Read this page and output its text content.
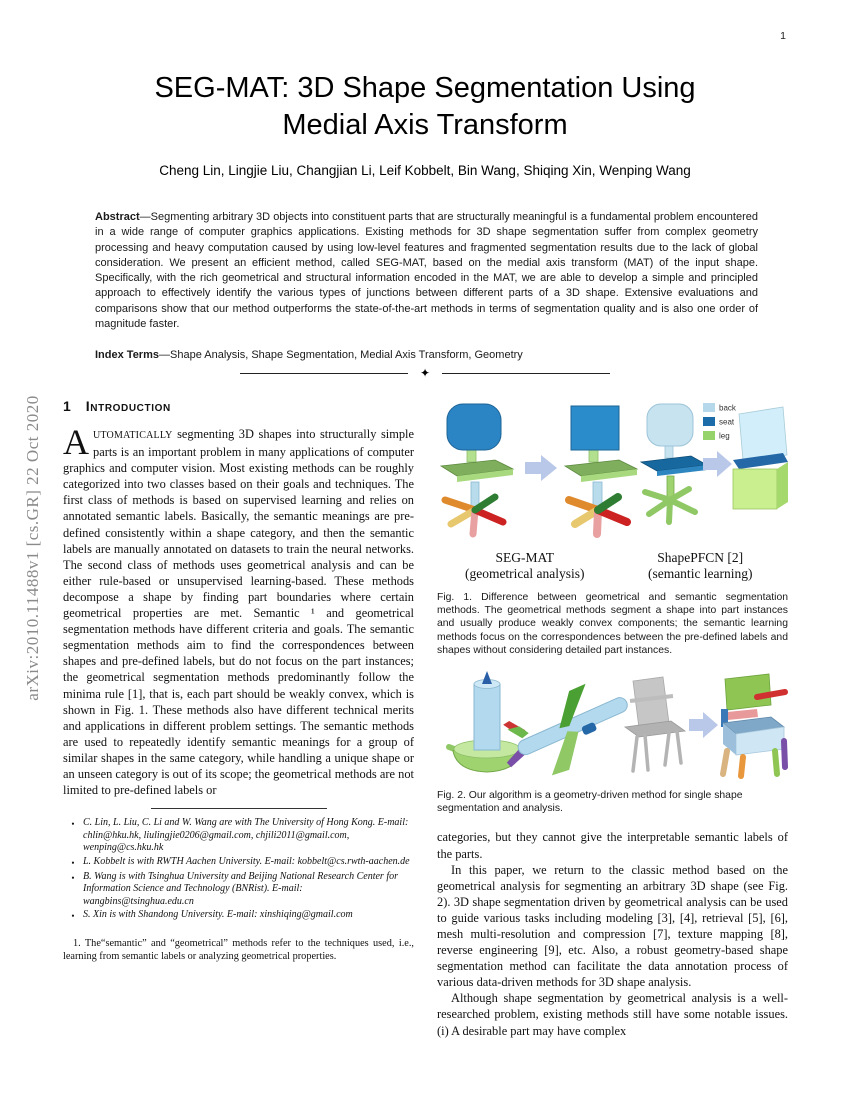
arXiv:2010.11488v1 [cs.GR] 22 Oct 2020
1
SEG-MAT: 3D Shape Segmentation Using
Medial Axis Transform
Cheng Lin, Lingjie Liu, Changjian Li, Leif Kobbelt, Bin Wang, Shiqing Xin, Wenping Wang
Abstract—Segmenting arbitrary 3D objects into constituent parts that are structurally meaningful is a fundamental problem encountered in a wide range of computer graphics applications. Existing methods for 3D shape segmentation suffer from complex geometry processing and heavy computation caused by using low-level features and fragmented segmentation results due to the lack of global consideration. We present an efficient method, called SEG-MAT, based on the medial axis transform (MAT) of the input shape. Specifically, with the rich geometrical and structural information encoded in the MAT, we are able to develop a simple and principled approach to effectively identify the various types of junctions between different parts of a 3D shape. Extensive evaluations and comparisons show that our method outperforms the state-of-the-art methods in terms of segmentation quality and is also one order of magnitude faster.
Index Terms—Shape Analysis, Shape Segmentation, Medial Axis Transform, Geometry
✦
1 Introduction
AUTOMATICALLY segmenting 3D shapes into structurally simple parts is an important problem in many applications of computer graphics and computer vision. Most existing methods can be roughly categorized into two classes based on their goals and techniques. The first class of methods is based on supervised learning and relies on annotated semantic labels. Basically, the semantic meanings are pre-defined consistently within a shape category, and then the semantic labels are manually annotated on datasets to train the neural networks. The second class of methods uses geometrical analysis and can be either rule-based or unsupervised learning-based. These methods decompose a shape by finding part boundaries where certain geometrical properties are met. Semantic ¹ and geometrical segmentation methods have different criteria and goals. The semantic segmentation methods aim to find the correspondences between shapes and pre-defined labels, but do not focus on the part instances; the geometrical segmentation methods predominantly follow the minima rule [1], that is, each part should be weakly convex, which is shown in Fig. 1. These methods also have different technical merits and applications in different problem settings. The semantic methods are used to repeatedly identify semantic meanings for a group of similar shapes in the same category, while handling a unique shape or an unseen category is out of its scope; the geometrical methods are not limited to pre-defined labels or
• C. Lin, L. Liu, C. Li and W. Wang are with The University of Hong Kong. E-mail: chlin@hku.hk, liulingjie0206@gmail.com, chjili2011@gmail.com, wenping@cs.hku.hk
• L. Kobbelt is with RWTH Aachen University. E-mail: kobbelt@cs.rwth-aachen.de
• B. Wang is with Tsinghua University and Beijing National Research Center for Information Science and Technology (BNRist). E-mail: wangbins@tsinghua.edu.cn
• S. Xin is with Shandong University. E-mail: xinshiqing@gmail.com
1. The“semantic” and “geometrical” methods refer to the techniques used, i.e., learning from semantic labels or analyzing geometrical properties.
back
seat
leg
SEG-MAT
(geometrical analysis)
ShapePFCN [2]
(semantic learning)
Fig. 1. Difference between geometrical and semantic segmentation methods. The geometrical methods segment a shape into part instances and usually produce weakly convex components; the semantic learning methods focus on the correspondences between the pre-defined labels and shapes without considering detailed part instances.
Fig. 2. Our algorithm is a geometry-driven method for single shape segmentation and analysis.

categories, but they cannot give the interpretable semantic labels of the parts.

In this paper, we return to the classic method based on the geometrical analysis for segmenting an arbitrary 3D shape (see Fig. 2). 3D shape segmentation driven by geometrical analysis can be used to guide various tasks including modeling [3], [4], retrieval [5], [6], mesh multi-resolution and compression [7], texture mapping [8], reverse engineering [9], etc. Also, a robust geometry-based shape segmentation method can facilitate the data annotation process of various data-driven methods for 3D shape analysis.

Although shape segmentation by geometrical analysis is a well-researched problem, existing methods still have some notable issues. (i) A desirable part may have complex
